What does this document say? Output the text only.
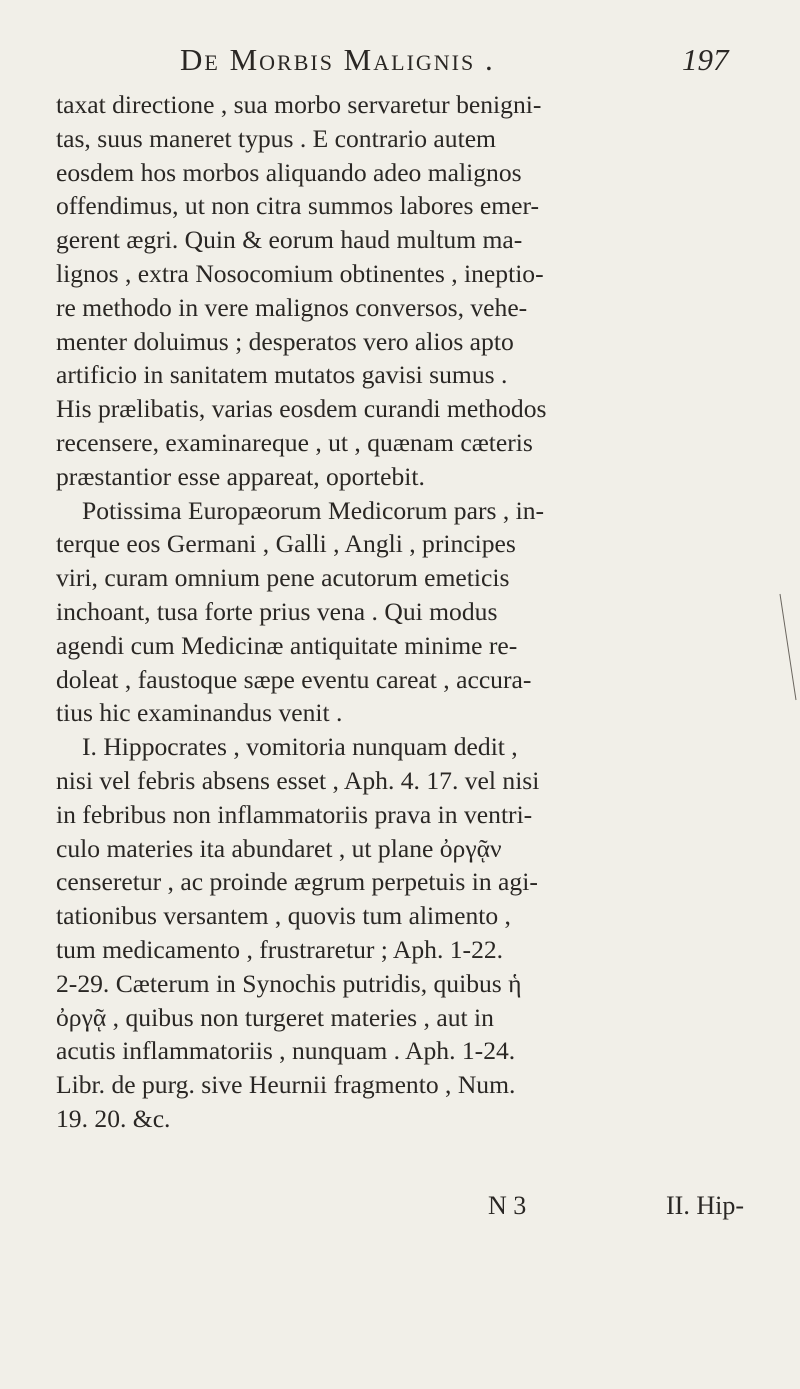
De Morbis Malignis .	197
taxat directione , sua morbo servaretur benigni-
tas, suus maneret typus . E contrario autem
eosdem hos morbos aliquando adeo malignos
offendimus, ut non citra summos labores emer-
gerent ægri. Quin & eorum haud multum ma-
lignos , extra Nosocomium obtinentes , ineptio-
re methodo in vere malignos conversos, vehe-
menter doluimus ; desperatos vero alios apto
artificio in sanitatem mutatos gavisi sumus .
His prælibatis, varias eosdem curandi methodos
recensere, examinareque , ut , quænam cæteris
præstantior esse appareat, oportebit.
Potissima Europæorum Medicorum pars , in-
terque eos Germani , Galli , Angli , principes
viri, curam omnium pene acutorum emeticis
inchoant, tusa forte prius vena . Qui modus
agendi cum Medicinæ antiquitate minime re-
doleat , faustoque sæpe eventu careat , accura-
tius hic examinandus venit .
I. Hippocrates , vomitoria nunquam dedit ,
nisi vel febris absens esset , Aph. 4. 17. vel nisi
in febribus non inflammatoriis prava in ventri-
culo materies ita abundaret , ut plane ὀργᾷν
censeretur , ac proinde ægrum perpetuis in agi-
tationibus versantem , quovis tum alimento ,
tum medicamento , frustraretur ; Aph. 1-22.
2-29. Cæterum in Synochis putridis, quibus ἡ
ὀργᾷ , quibus non turgeret materies , aut in
acutis inflammatoriis , nunquam . Aph. 1-24.
Libr. de purg. sive Heurnii fragmento , Num.
19. 20. &c.
N 3	II. Hip-
